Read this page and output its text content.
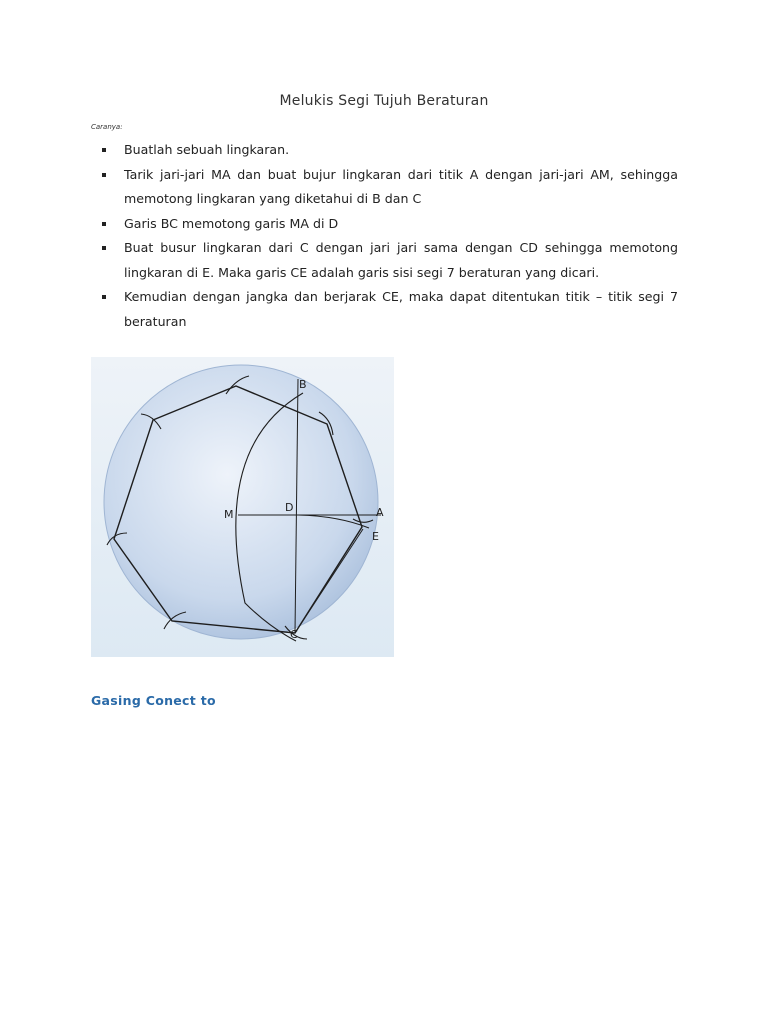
Melukis Segi Tujuh Beraturan
Caranya:
Buatlah sebuah lingkaran.
Tarik jari-jari MA dan buat bujur lingkaran dari titik A dengan jari-jari AM, sehingga memotong lingkaran yang diketahui di B dan C
Garis BC memotong garis MA di D
Buat busur lingkaran dari C dengan jari jari sama dengan CD sehingga memotong lingkaran di E. Maka garis CE adalah garis sisi segi 7 beraturan yang dicari.
Kemudian dengan jangka dan berjarak CE, maka dapat ditentukan titik – titik segi 7 beraturan
B
M
D	A
E
C
Gasing Conect to
